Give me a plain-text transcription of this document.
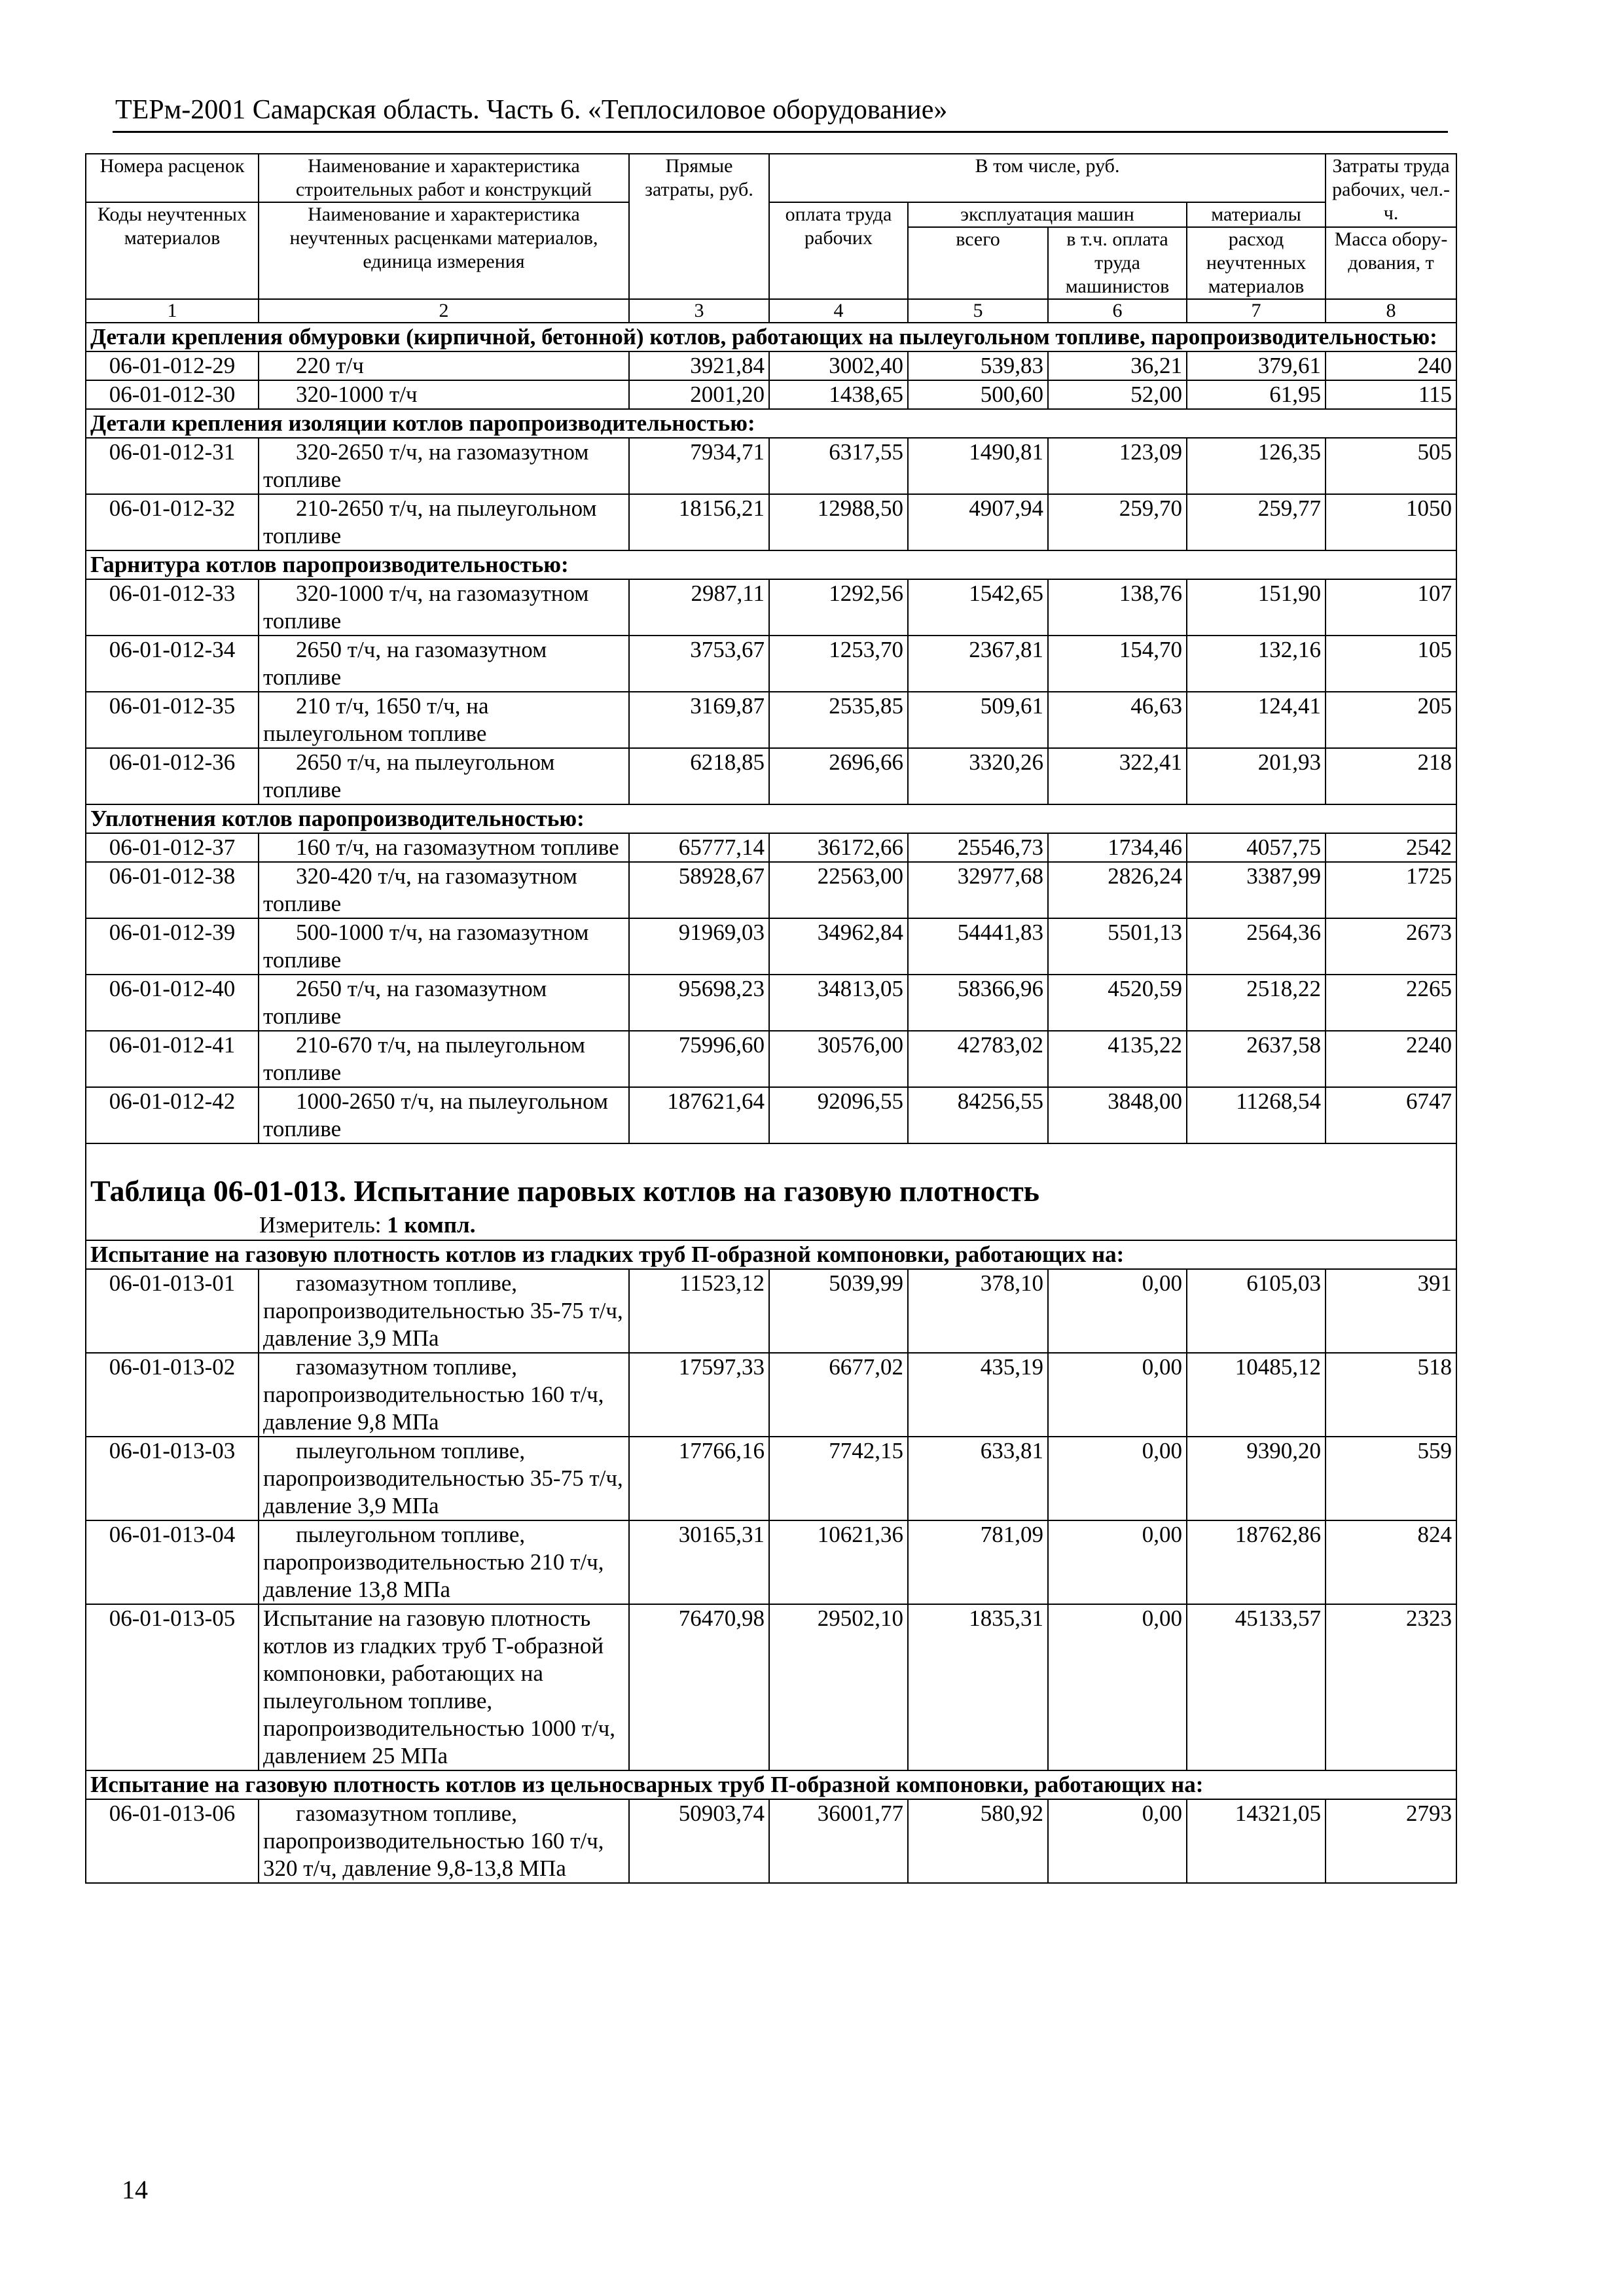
ТЕРм-2001 Самарская область. Часть 6. «Теплосиловое оборудование»
Номера расценок	Наименование и характеристика строительных работ и конструкций	Прямые затраты, руб.	В том числе, руб.				Затраты труда рабочих, чел.-ч.
Коды неучтенных материалов	Наименование и характеристика неучтенных расценками материалов, единица измерения		оплата труда рабочих	эксплуатация машин		материалы	
				всего	в т.ч. оплата труда машинистов	расход неучтенных материалов	Масса обору-дования, т
1	2	3	4	5	6	7	8
Детали крепления обмуровки (кирпичной, бетонной) котлов, работающих на пылеугольном топливе, паропроизводительностью:							
06-01-012-29	220 т/ч	3921,84	3002,40	539,83	36,21	379,61	240
06-01-012-30	320-1000 т/ч	2001,20	1438,65	500,60	52,00	61,95	115
Детали крепления изоляции котлов паропроизводительностью:							
06-01-012-31	320-2650 т/ч, на газомазутном топливе	7934,71	6317,55	1490,81	123,09	126,35	505
06-01-012-32	210-2650 т/ч, на пылеугольном топливе	18156,21	12988,50	4907,94	259,70	259,77	1050
Гарнитура котлов паропроизводительностью:							
06-01-012-33	320-1000 т/ч, на газомазутном топливе	2987,11	1292,56	1542,65	138,76	151,90	107
06-01-012-34	2650 т/ч, на газомазутном топливе	3753,67	1253,70	2367,81	154,70	132,16	105
06-01-012-35	210 т/ч, 1650 т/ч, на пылеугольном топливе	3169,87	2535,85	509,61	46,63	124,41	205
06-01-012-36	2650 т/ч, на пылеугольном топливе	6218,85	2696,66	3320,26	322,41	201,93	218
Уплотнения котлов паропроизводительностью:							
06-01-012-37	160 т/ч, на газомазутном топливе	65777,14	36172,66	25546,73	1734,46	4057,75	2542
06-01-012-38	320-420 т/ч, на газомазутном топливе	58928,67	22563,00	32977,68	2826,24	3387,99	1725
06-01-012-39	500-1000 т/ч, на газомазутном топливе	91969,03	34962,84	54441,83	5501,13	2564,36	2673
06-01-012-40	2650 т/ч, на газомазутном топливе	95698,23	34813,05	58366,96	4520,59	2518,22	2265
06-01-012-41	210-670 т/ч, на пылеугольном топливе	75996,60	30576,00	42783,02	4135,22	2637,58	2240
06-01-012-42	1000-2650 т/ч, на пылеугольном топливе	187621,64	92096,55	84256,55	3848,00	11268,54	6747

Таблица 06-01-013. Испытание паровых котлов на газовую плотность
Измеритель: 1 компл.							

Испытание на газовую плотность котлов из гладких труб П-образной компоновки, работающих на:							
06-01-013-01	газомазутном топливе, паропроизводительностью 35-75 т/ч, давление 3,9 МПа	11523,12	5039,99	378,10	0,00	6105,03	391
06-01-013-02	газомазутном топливе, паропроизводительностью 160 т/ч, давление 9,8 МПа	17597,33	6677,02	435,19	0,00	10485,12	518
06-01-013-03	пылеугольном топливе, паропроизводительностью 35-75 т/ч, давление 3,9 МПа	17766,16	7742,15	633,81	0,00	9390,20	559
06-01-013-04	пылеугольном топливе, паропроизводительностью 210 т/ч, давление 13,8 МПа	30165,31	10621,36	781,09	0,00	18762,86	824
06-01-013-05	Испытание на газовую плотность котлов из гладких труб Т-образной компоновки, работающих на пылеугольном топливе, паропроизводительностью 1000 т/ч, давлением 25 МПа	76470,98	29502,10	1835,31	0,00	45133,57	2323
Испытание на газовую плотность котлов из цельносварных труб П-образной компоновки, работающих на:							
06-01-013-06	газомазутном топливе, паропроизводительностью 160 т/ч, 320 т/ч, давление 9,8-13,8 МПа	50903,74	36001,77	580,92	0,00	14321,05	2793
14
